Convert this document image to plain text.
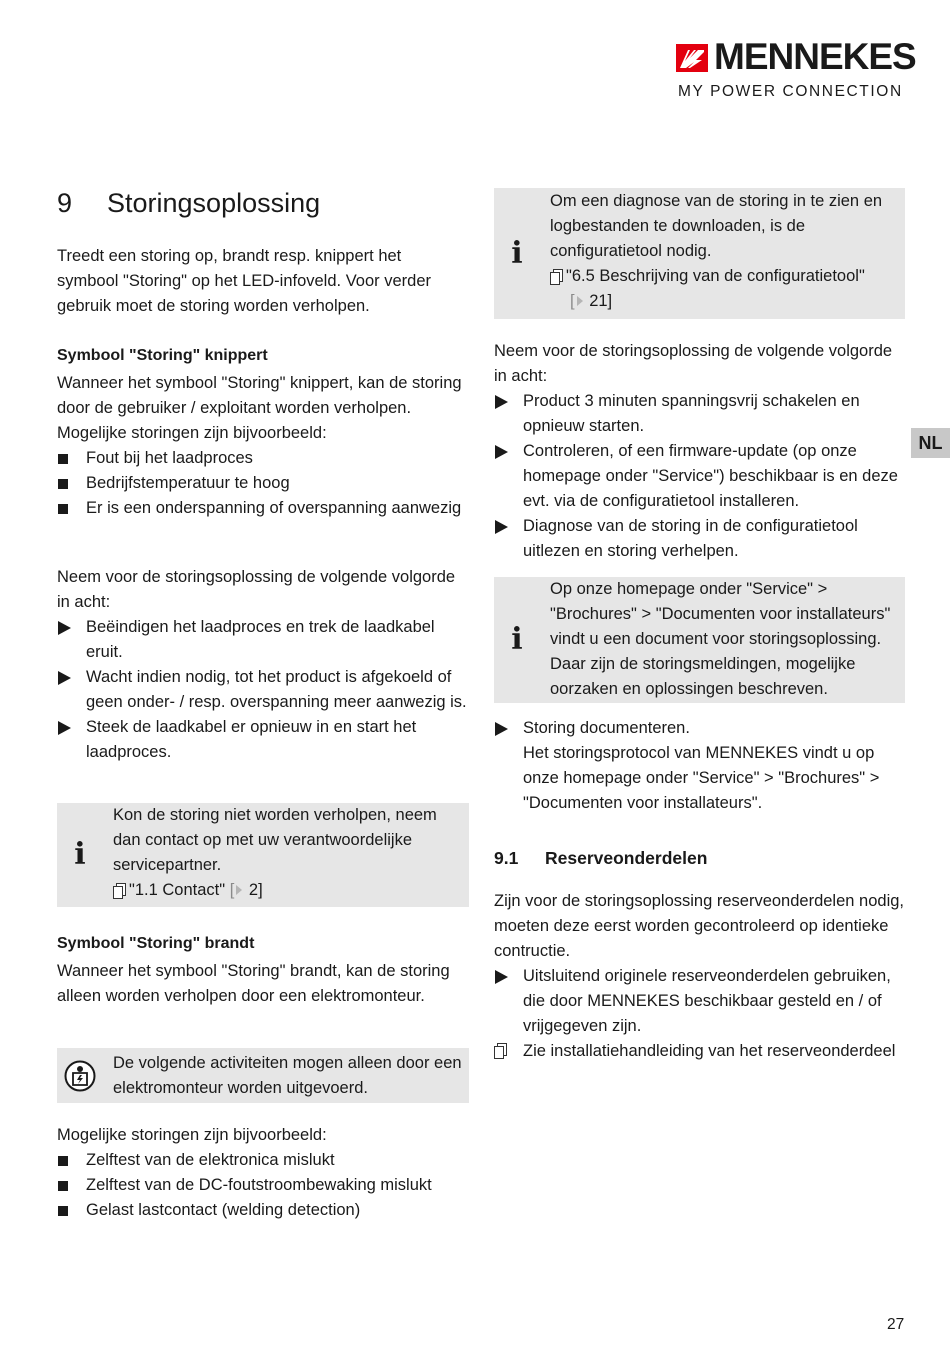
MENNEKES
MY POWER CONNECTION
NL
9 Storingsoplossing

Treedt een storing op, brandt resp. knippert het symbool "Storing" op het LED-infoveld. Voor verder gebruik moet de storing worden verholpen.

Symbool "Storing" knippert

Wanneer het symbool "Storing" knippert, kan de storing door de gebruiker / exploitant worden verholpen. Mogelijke storingen zijn bijvoorbeeld:

Fout bij het laadproces
Bedrijfstemperatuur te hoog
Er is een onderspanning of overspanning aanwezig

Neem voor de storingsoplossing de volgende volgorde in acht:

Beëindigen het laadproces en trek de laadkabel eruit.
Wacht indien nodig, tot het product is afgekoeld of geen onder- / resp. overspanning meer aanwezig is.
Steek de laadkabel er opnieuw in en start het laadproces.
i

Kon de storing niet worden verholpen, neem dan contact op met uw verantwoordelijke servicepartner.

"1.1 Contact" [ 2]
Symbool "Storing" brandt

Wanneer het symbool "Storing" brandt, kan de storing alleen worden verholpen door een elektromonteur.

De volgende activiteiten mogen alleen door een elektromonteur worden uitgevoerd.

Mogelijke storingen zijn bijvoorbeeld:

Zelftest van de elektronica mislukt
Zelftest van de DC-foutstroombewaking mislukt
Gelast lastcontact (welding detection)
i

Om een diagnose van de storing in te zien en logbestanden te downloaden, is de configuratietool nodig.

"6.5 Beschrijving van de configuratietool"
[ 21]

Neem voor de storingsoplossing de volgende volgorde in acht:

Product 3 minuten spanningsvrij schakelen en opnieuw starten.
Controleren, of een firmware-update (op onze homepage onder "Service") beschikbaar is en deze evt. via de configuratietool installeren.
Diagnose van de storing in de configuratietool uitlezen en storing verhelpen.
i

Op onze homepage onder "Service" > "Brochures" > "Documenten voor installateurs" vindt u een document voor storingsoplossing. Daar zijn de storingsmeldingen, mogelijke oorzaken en oplossingen beschreven.

Storing documenteren.
Het storingsprotocol van MENNEKES vindt u op onze homepage onder "Service" > "Brochures" > "Documenten voor installateurs".
9.1 Reserveonderdelen

Zijn voor de storingsoplossing reserveonderdelen nodig, moeten deze eerst worden gecontroleerd op identieke contructie.

Uitsluitend originele reserveonderdelen gebruiken, die door MENNEKES beschikbaar gesteld en / of vrijgegeven zijn.
Zie installatiehandleiding van het reserveonderdeel
27
